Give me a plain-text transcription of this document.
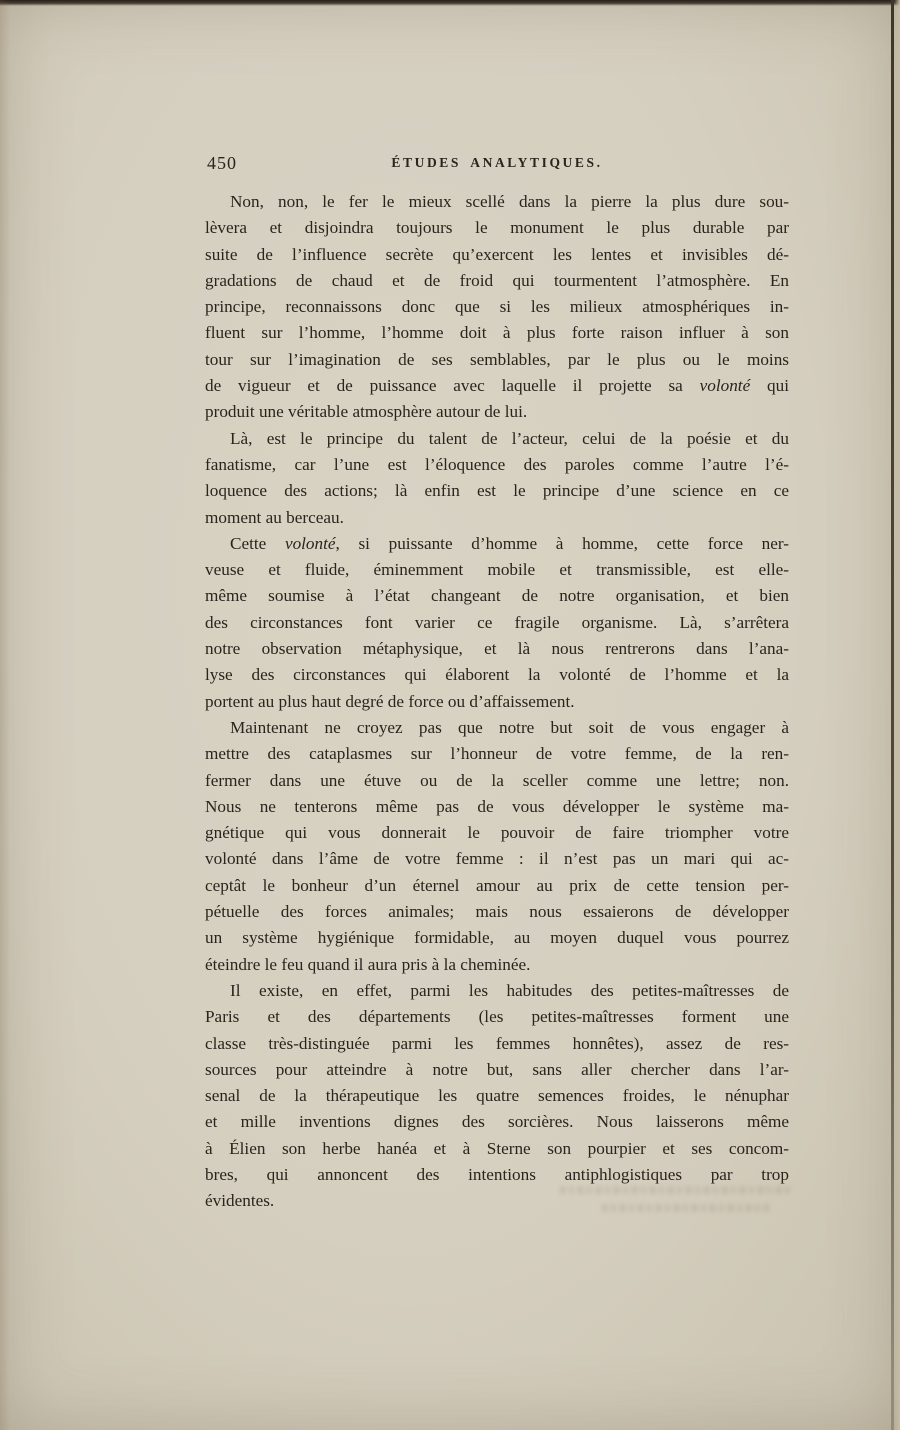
450	ÉTUDES ANALYTIQUES.

Non, non, le fer le mieux scellé dans la pierre la plus dure sou-
lèvera et disjoindra toujours le monument le plus durable par
suite de l’influence secrète qu’exercent les lentes et invisibles dé-
gradations de chaud et de froid qui tourmentent l’atmosphère. En
principe, reconnaissons donc que si les milieux atmosphériques in-
fluent sur l’homme, l’homme doit à plus forte raison influer à son
tour sur l’imagination de ses semblables, par le plus ou le moins
de vigueur et de puissance avec laquelle il projette sa volonté qui
produit une véritable atmosphère autour de lui.

Là, est le principe du talent de l’acteur, celui de la poésie et du
fanatisme, car l’une est l’éloquence des paroles comme l’autre l’é-
loquence des actions; là enfin est le principe d’une science en ce
moment au berceau.

Cette volonté, si puissante d’homme à homme, cette force ner-
veuse et fluide, éminemment mobile et transmissible, est elle-
même soumise à l’état changeant de notre organisation, et bien
des circonstances font varier ce fragile organisme. Là, s’arrêtera
notre observation métaphysique, et là nous rentrerons dans l’ana-
lyse des circonstances qui élaborent la volonté de l’homme et la
portent au plus haut degré de force ou d’affaissement.

Maintenant ne croyez pas que notre but soit de vous engager à
mettre des cataplasmes sur l’honneur de votre femme, de la ren-
fermer dans une étuve ou de la sceller comme une lettre; non.
Nous ne tenterons même pas de vous développer le système ma-
gnétique qui vous donnerait le pouvoir de faire triompher votre
volonté dans l’âme de votre femme : il n’est pas un mari qui ac-
ceptât le bonheur d’un éternel amour au prix de cette tension per-
pétuelle des forces animales; mais nous essaierons de développer
un système hygiénique formidable, au moyen duquel vous pourrez
éteindre le feu quand il aura pris à la cheminée.

Il existe, en effet, parmi les habitudes des petites-maîtresses de
Paris et des départements (les petites-maîtresses forment une
classe très-distinguée parmi les femmes honnêtes), assez de res-
sources pour atteindre à notre but, sans aller chercher dans l’ar-
senal de la thérapeutique les quatre semences froides, le nénuphar
et mille inventions dignes des sorcières. Nous laisserons même
à Élien son herbe hanéa et à Sterne son pourpier et ses concom-
bres, qui annoncent des intentions antiphlogistiques par trop
évidentes.
